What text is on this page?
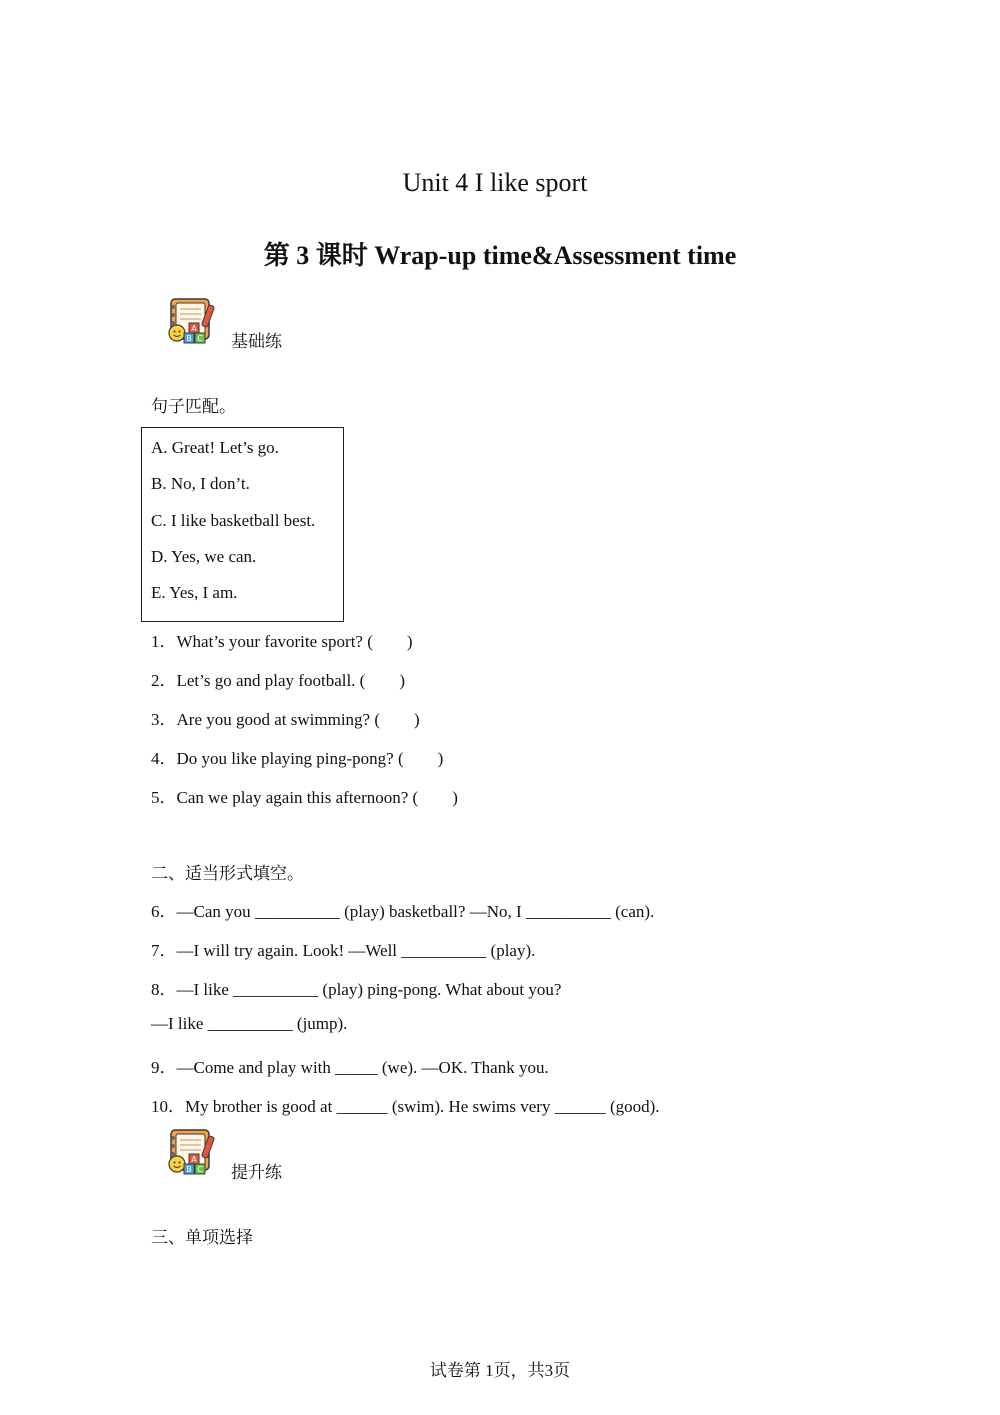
Unit 4 I like sport
第 3 课时 Wrap-up time&Assessment time
A
B C 基础练
句子匹配。
A. Great! Let’s go.
B. No, I don’t.
C. I like basketball best.
D. Yes, we can.
E. Yes, I am.
1．What’s your favorite sport? (　　)
2．Let’s go and play football. (　　)
3．Are you good at swimming? (　　)
4．Do you like playing ping-pong? (　　)
5．Can we play again this afternoon? (　　)
二、适当形式填空。
6．—Can you __________ (play) basketball? —No, I __________ (can).
7．—I will try again. Look! —Well __________ (play).
8．—I like __________ (play) ping-pong. What about you?
—I like __________ (jump).
9．—Come and play with _____ (we). —OK. Thank you.
10．My brother is good at ______ (swim). He swims very ______ (good).
A
B C 提升练
三、单项选择
试卷第 1页，共3页
